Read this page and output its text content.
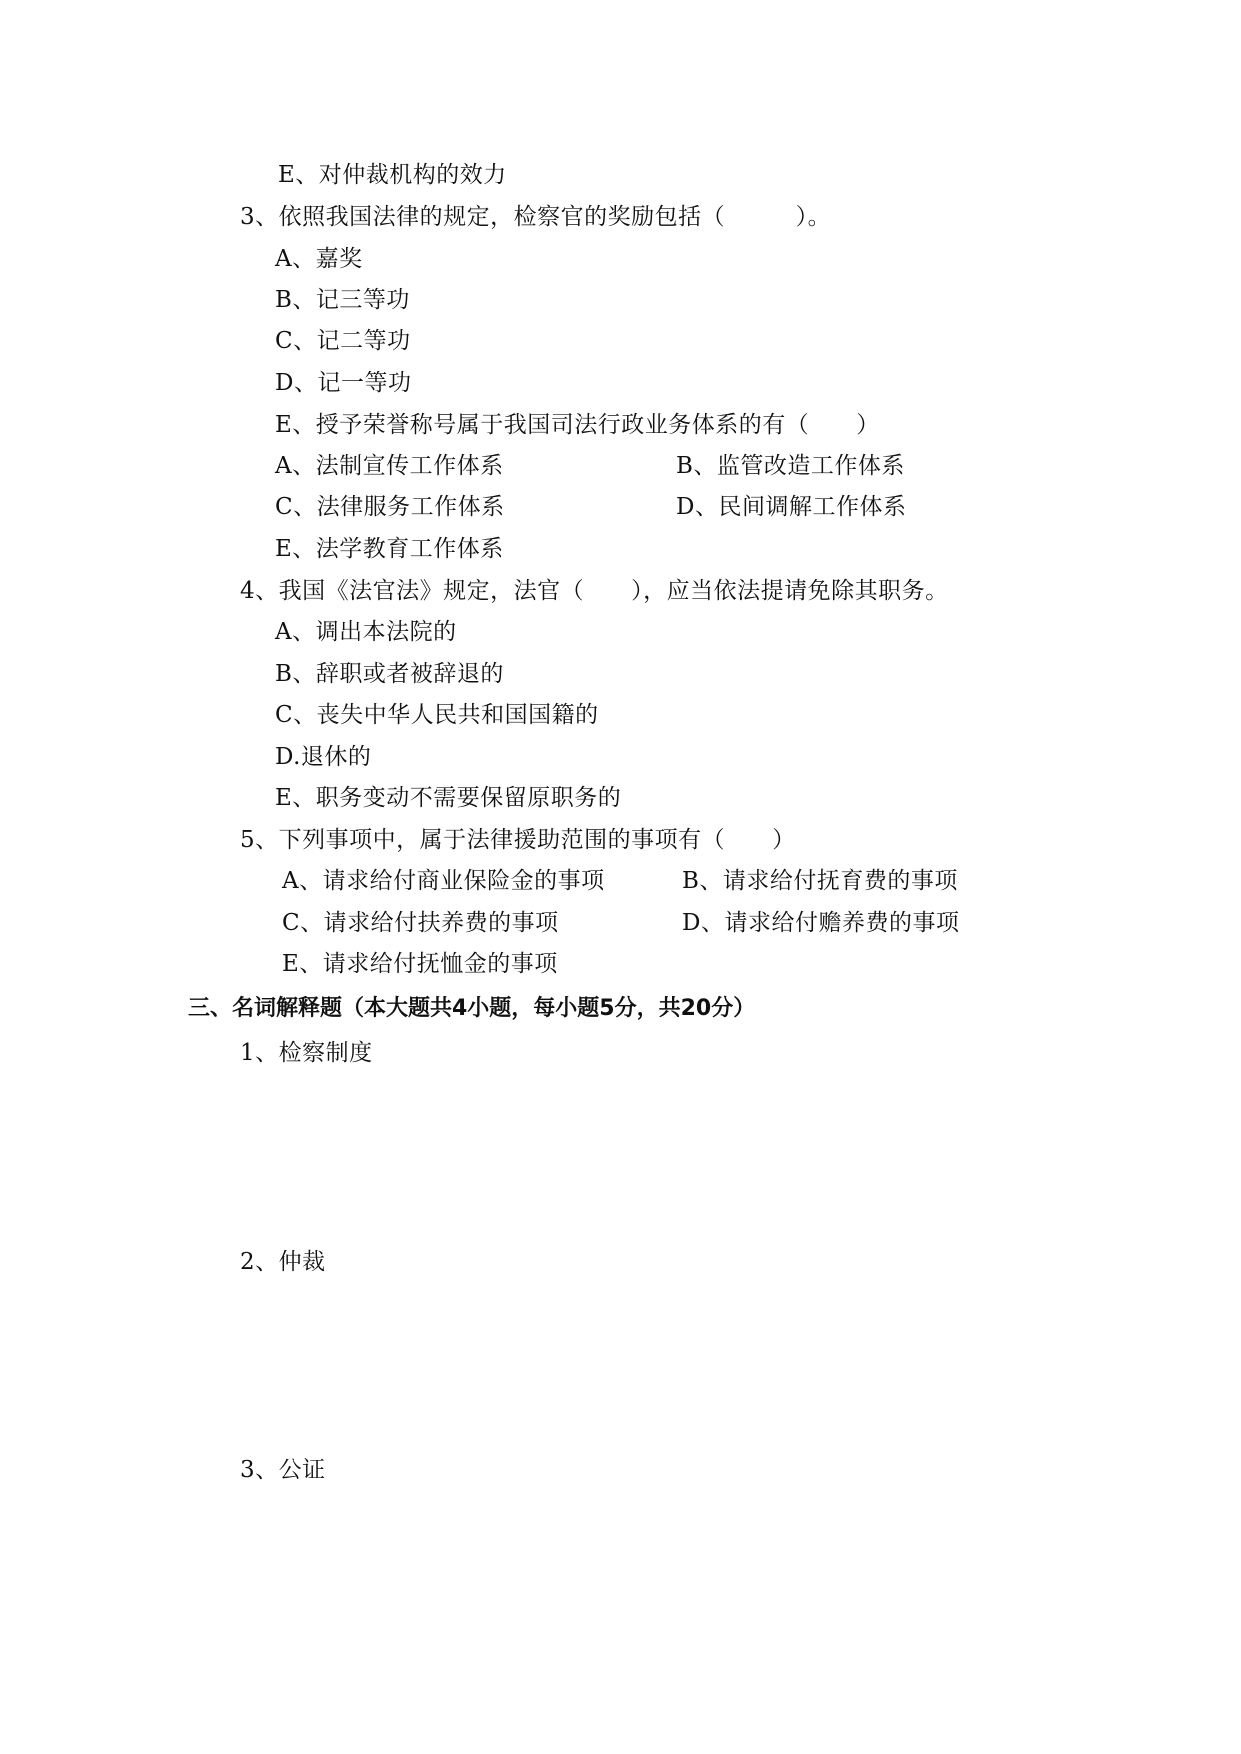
E、对仲裁机构的效力
3、依照我国法律的规定，检察官的奖励包括（　　　）。
A、嘉奖
B、记三等功
C、记二等功
D、记一等功
E、授予荣誉称号属于我国司法行政业务体系的有（　　）
A、法制宣传工作体系	B、监管改造工作体系
C、法律服务工作体系	D、民间调解工作体系
E、法学教育工作体系
4、我国《法官法》规定，法官（　　），应当依法提请免除其职务。
A、调出本法院的
B、辞职或者被辞退的
C、丧失中华人民共和国国籍的
D.退休的
E、职务变动不需要保留原职务的
5、下列事项中，属于法律援助范围的事项有（　　）
A、请求给付商业保险金的事项	B、请求给付抚育费的事项
C、请求给付扶养费的事项	D、请求给付赡养费的事项
E、请求给付抚恤金的事项
三、名词解释题（本大题共4小题，每小题5分，共20分）
1、检察制度
2、仲裁
3、公证
